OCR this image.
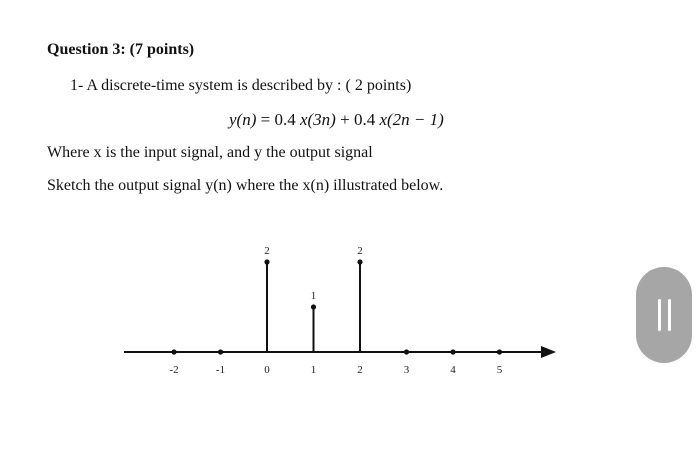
Question 3: (7 points)

1- A discrete-time system is described by : ( 2 points)

y(n) = 0.4 x(3n) + 0.4 x(2n − 1)

Where x is the input signal, and y the output signal

Sketch the output signal y(n) where the x(n) illustrated below.

-2	-1	0	1	2	3	4	5
2
1
2
